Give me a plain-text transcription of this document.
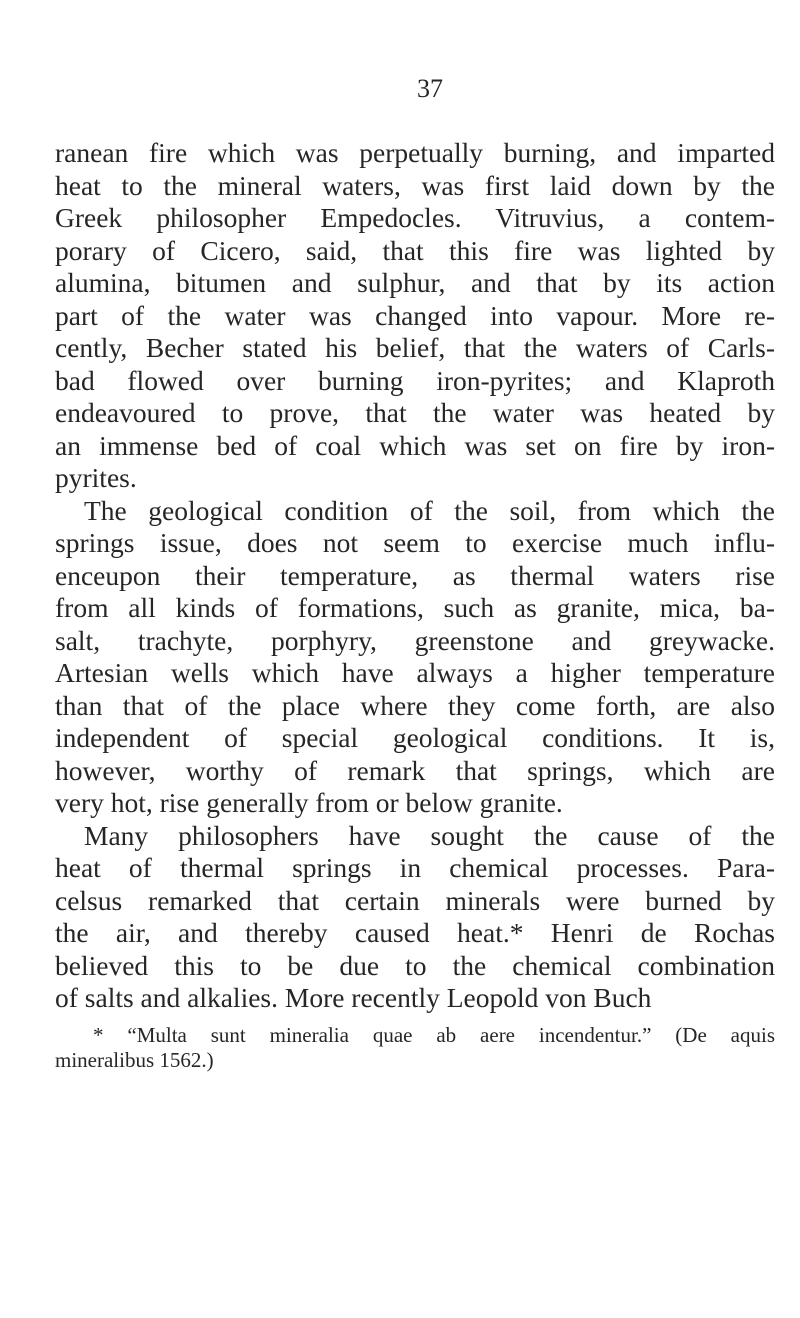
37
ranean fire which was perpetually burning, and imparted
heat to the mineral waters, was first laid down by the
Greek philosopher Empedocles. Vitruvius, a contem-
porary of Cicero, said, that this fire was lighted by
alumina, bitumen and sulphur, and that by its action
part of the water was changed into vapour. More re-
cently, Becher stated his belief, that the waters of Carls-
bad flowed over burning iron-pyrites; and Klaproth
endeavoured to prove, that the water was heated by
an immense bed of coal which was set on fire by iron-
pyrites.
The geological condition of the soil, from which the
springs issue, does not seem to exercise much influ-
enceupon their temperature, as thermal waters rise
from all kinds of formations, such as granite, mica, ba-
salt, trachyte, porphyry, greenstone and greywacke.
Artesian wells which have always a higher temperature
than that of the place where they come forth, are also
independent of special geological conditions. It is,
however, worthy of remark that springs, which are
very hot, rise generally from or below granite.
Many philosophers have sought the cause of the
heat of thermal springs in chemical processes. Para-
celsus remarked that certain minerals were burned by
the air, and thereby caused heat.* Henri de Rochas
believed this to be due to the chemical combination
of salts and alkalies. More recently Leopold von Buch
* “Multa sunt mineralia quae ab aere incendentur.” (De aquis
mineralibus 1562.)
